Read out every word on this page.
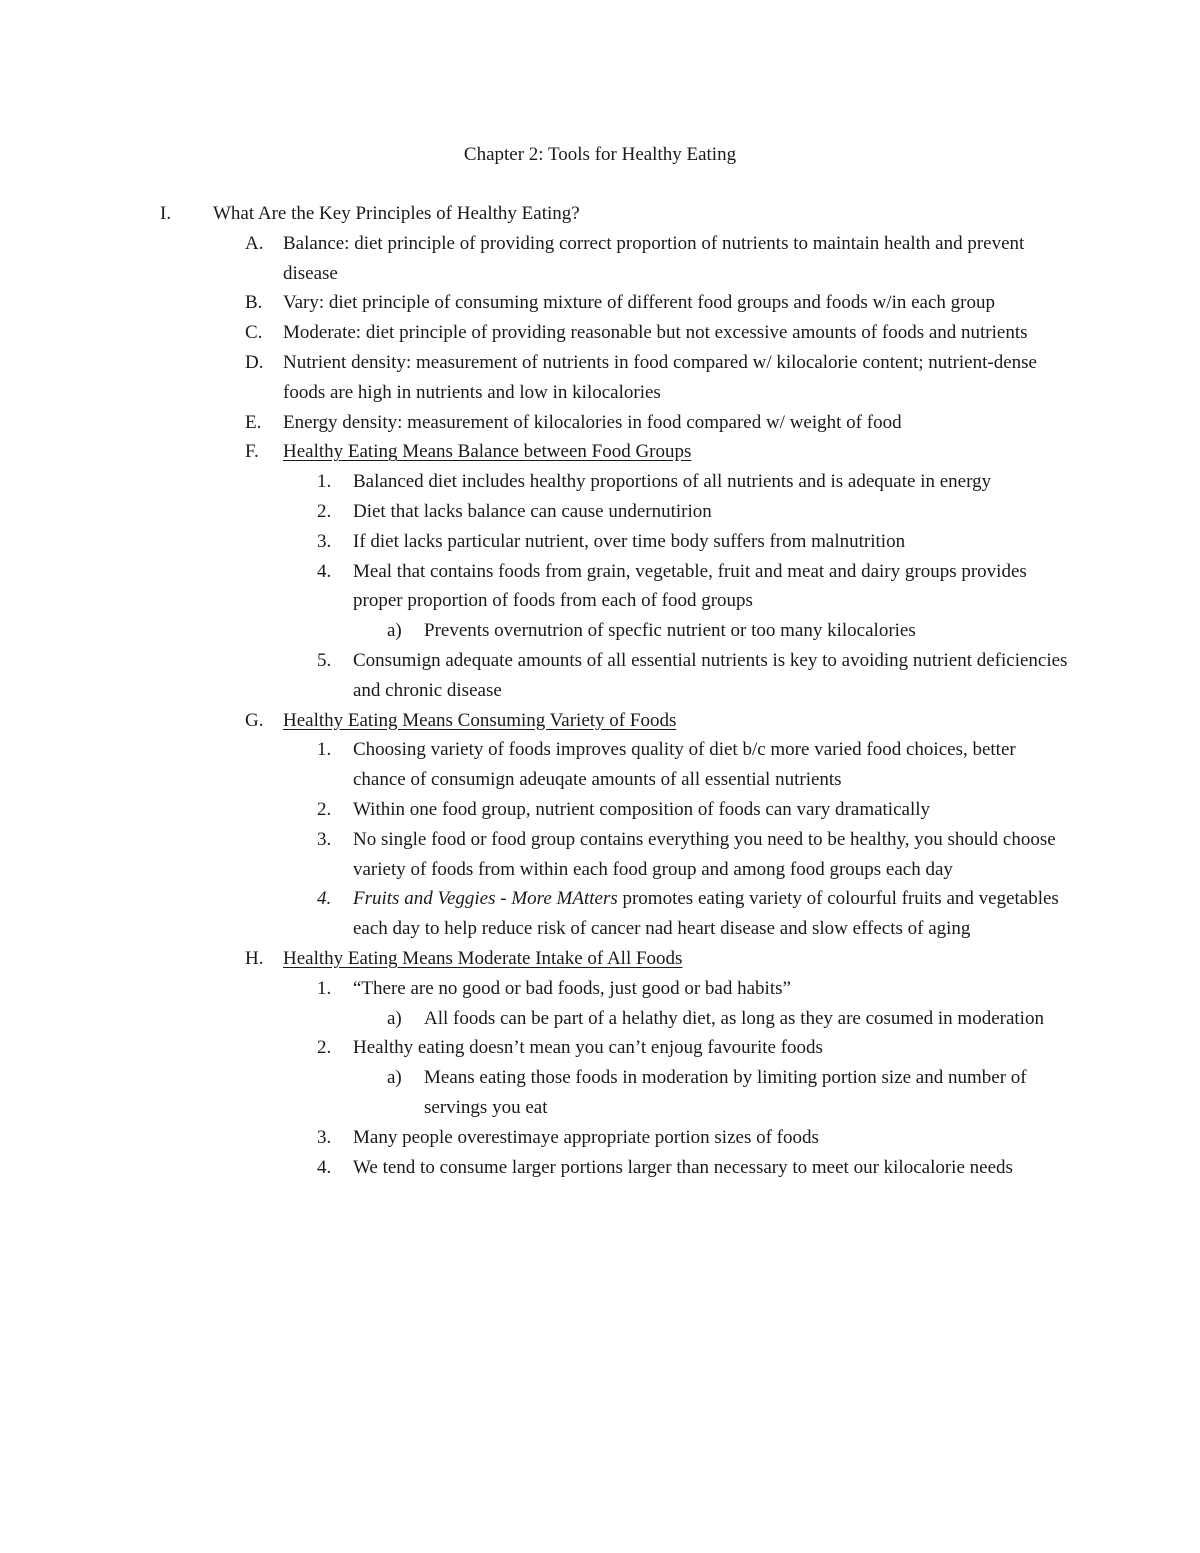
Chapter 2: Tools for Healthy Eating
I. What Are the Key Principles of Healthy Eating?
A. Balance: diet principle of providing correct proportion of nutrients to maintain health and prevent disease
B. Vary: diet principle of consuming mixture of different food groups and foods w/in each group
C. Moderate: diet principle of providing reasonable but not excessive amounts of foods and nutrients
D. Nutrient density: measurement of nutrients in food compared w/ kilocalorie content; nutrient-dense foods are high in nutrients and low in kilocalories
E. Energy density: measurement of kilocalories in food compared w/ weight of food
F. Healthy Eating Means Balance between Food Groups
1. Balanced diet includes healthy proportions of all nutrients and is adequate in energy
2. Diet that lacks balance can cause undernutirion
3. If diet lacks particular nutrient, over time body suffers from malnutrition
4. Meal that contains foods from grain, vegetable, fruit and meat and dairy groups provides proper proportion of foods from each of food groups
a) Prevents overnutrion of specfic nutrient or too many kilocalories
5. Consumign adequate amounts of all essential nutrients is key to avoiding nutrient deficiencies and chronic disease
G. Healthy Eating Means Consuming Variety of Foods
1. Choosing variety of foods improves quality of diet b/c more varied food choices, better chance of consumign adeuqate amounts of all essential nutrients
2. Within one food group, nutrient composition of foods can vary dramatically
3. No single food or food group contains everything you need to be healthy, you should choose variety of foods from within each food group and among food groups each day
4. Fruits and Veggies - More MAtters promotes eating variety of colourful fruits and vegetables each day to help reduce risk of cancer nad heart disease and slow effects of aging
H. Healthy Eating Means Moderate Intake of All Foods
1. “There are no good or bad foods, just good or bad habits”
a) All foods can be part of a helathy diet, as long as they are cosumed in moderation
2. Healthy eating doesn’t mean you can’t enjoug favourite foods
a) Means eating those foods in moderation by limiting portion size and number of servings you eat
3. Many people overestimaye appropriate portion sizes of foods
4. We tend to consume larger portions larger than necessary to meet our kilocalorie needs
